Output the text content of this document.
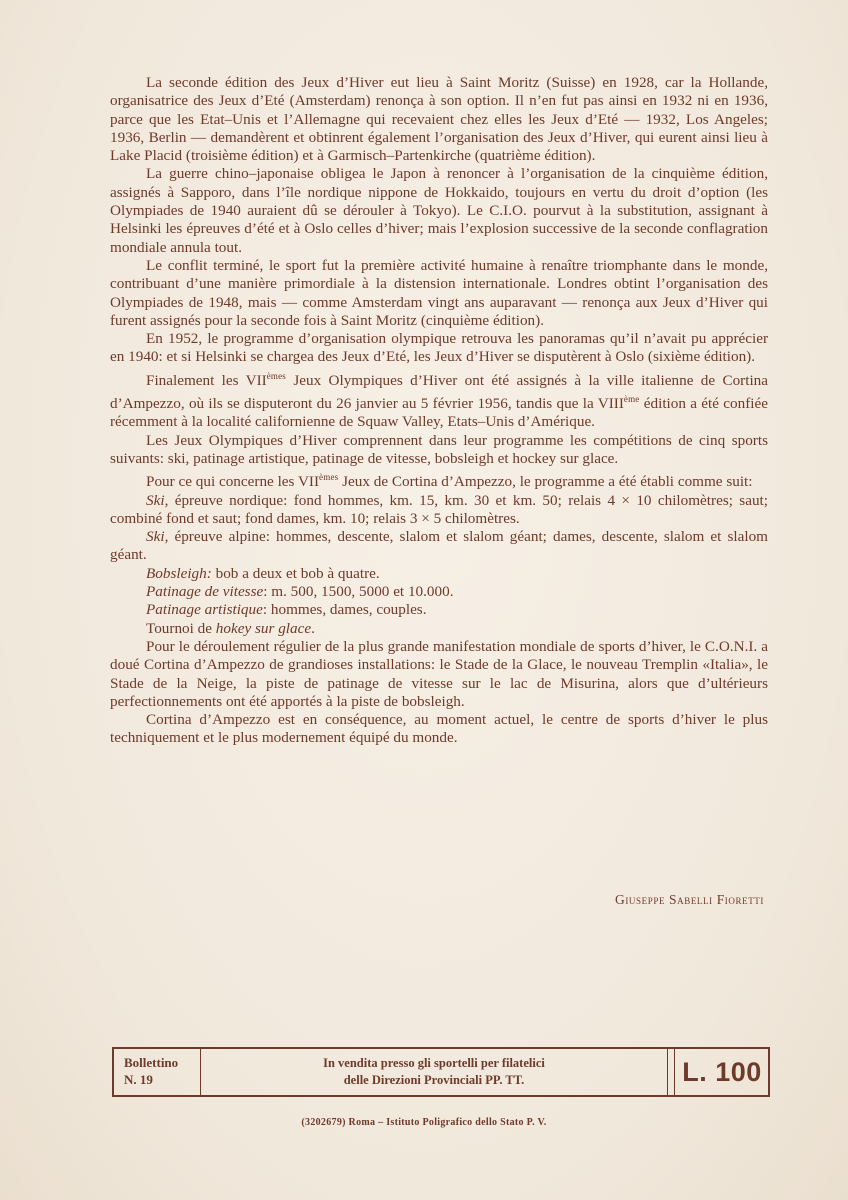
La seconde édition des Jeux d’Hiver eut lieu à Saint Moritz (Suisse) en 1928, car la Hollande, organisatrice des Jeux d’Eté (Amsterdam) renonça à son option. Il n’en fut pas ainsi en 1932 ni en 1936, parce que les Etat–Unis et l’Allemagne qui recevaient chez elles les Jeux d’Eté — 1932, Los Angeles; 1936, Berlin — demandèrent et obtinrent également l’organisation des Jeux d’Hiver, qui eurent ainsi lieu à Lake Placid (troisième édition) et à Garmisch–Partenkirche (quatrième édition).

La guerre chino–japonaise obligea le Japon à renoncer à l’organisation de la cinquième édition, assignés à Sapporo, dans l’île nordique nippone de Hokkaido, toujours en vertu du droit d’option (les Olympiades de 1940 auraient dû se dérouler à Tokyo). Le C.I.O. pourvut à la substitution, assignant à Helsinki les épreuves d’été et à Oslo celles d’hiver; mais l’explosion successive de la seconde conflagration mondiale annula tout.

Le conflit terminé, le sport fut la première activité humaine à renaître triomphante dans le monde, contribuant d’une manière primordiale à la distension internationale. Londres obtint l’organisation des Olympiades de 1948, mais — comme Amsterdam vingt ans auparavant — renonça aux Jeux d’Hiver qui furent assignés pour la seconde fois à Saint Moritz (cinquième édition).

En 1952, le programme d’organisation olympique retrouva les panoramas qu’il n’avait pu apprécier en 1940: et si Helsinki se chargea des Jeux d’Eté, les Jeux d’Hiver se disputèrent à Oslo (sixième édition).

Finalement les VIIèmes Jeux Olympiques d’Hiver ont été assignés à la ville italienne de Cortina d’Ampezzo, où ils se disputeront du 26 janvier au 5 février 1956, tandis que la VIIIème édition a été confiée récemment à la localité californienne de Squaw Valley, Etats–Unis d’Amérique.

Les Jeux Olympiques d’Hiver comprennent dans leur programme les compétitions de cinq sports suivants: ski, patinage artistique, patinage de vitesse, bobsleigh et hockey sur glace.

Pour ce qui concerne les VIIèmes Jeux de Cortina d’Ampezzo, le programme a été établi comme suit:

Ski, épreuve nordique: fond hommes, km. 15, km. 30 et km. 50; relais 4 × 10 chilomètres; saut; combiné fond et saut; fond dames, km. 10; relais 3 × 5 chilomètres.

Ski, épreuve alpine: hommes, descente, slalom et slalom géant; dames, descente, slalom et slalom géant.

Bobsleigh: bob a deux et bob à quatre.

Patinage de vitesse: m. 500, 1500, 5000 et 10.000.

Patinage artistique: hommes, dames, couples.

Tournoi de hokey sur glace.

Pour le déroulement régulier de la plus grande manifestation mondiale de sports d’hiver, le C.O.N.I. a doué Cortina d’Ampezzo de grandioses installations: le Stade de la Glace, le nouveau Tremplin «Italia», le Stade de la Neige, la piste de patinage de vitesse sur le lac de Misurina, alors que d’ultérieurs perfectionnements ont été apportés à la piste de bobsleigh.

Cortina d’Ampezzo est en conséquence, au moment actuel, le centre de sports d’hiver le plus techniquement et le plus modernement équipé du monde.

Giuseppe Sabelli Fioretti
Bollettino
N. 19
In vendita presso gli sportelli per filatelici
delle Direzioni Provinciali PP. TT.	L. 100
(3202679) Roma – Istituto Poligrafico dello Stato P. V.
